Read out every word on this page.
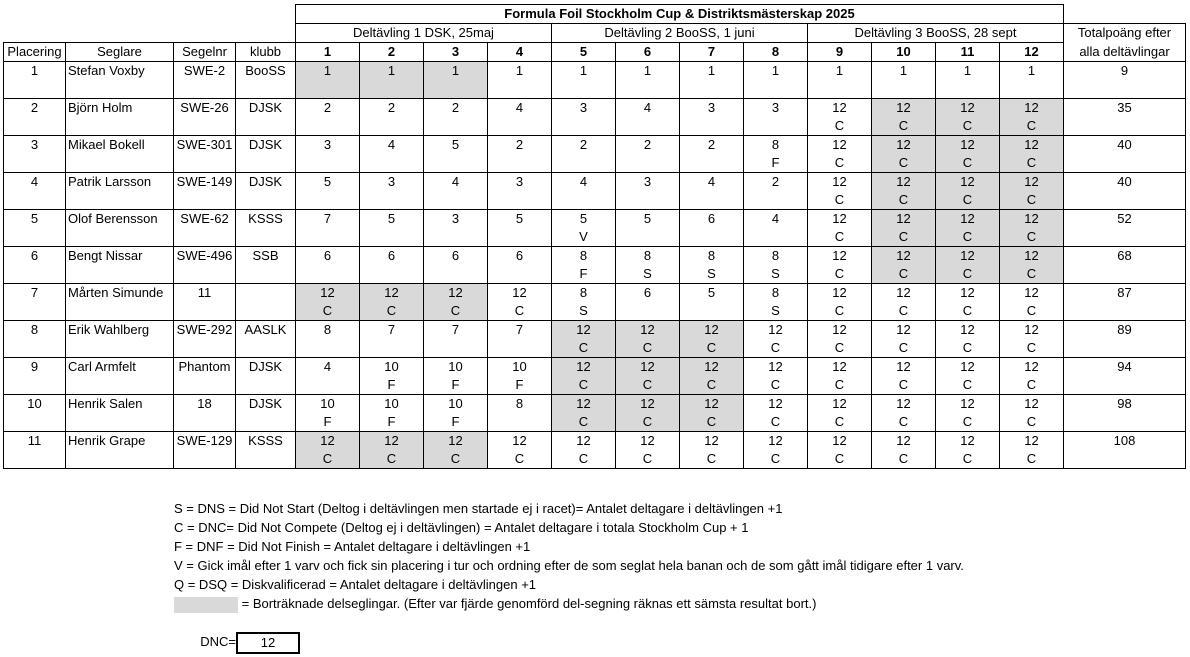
				Formula Foil Stockholm Cup & Distriktsmästerskap 2025												
				Deltävling 1 DSK, 25maj				Deltävling 2 BooSS, 1 juni				Deltävling 3 BooSS, 28 sept				Totalpoäng efter
Placering	Seglare	Segelnr	klubb	1	2	3	4	5	6	7	8	9	10	11	12	alla deltävlingar
1	Stefan Voxby	SWE-2	BooSS	1	1	1	1	1	1	1	1	1	1	1	1	9

2	Björn Holm	SWE-26	DJSK	2	2	2	4	3	4	3	3	12	12	12	12	35
												C	C	C	C	
3	Mikael Bokell	SWE-301	DJSK	3	4	5	2	2	2	2	8	12	12	12	12	40
											F	C	C	C	C	
4	Patrik Larsson	SWE-149	DJSK	5	3	4	3	4	3	4	2	12	12	12	12	40
												C	C	C	C	
5	Olof Berensson	SWE-62	KSSS	7	5	3	5	5	5	6	4	12	12	12	12	52
								V				C	C	C	C	
6	Bengt Nissar	SWE-496	SSB	6	6	6	6	8	8	8	8	12	12	12	12	68
								F	S	S	S	C	C	C	C	
7	Mårten Simunde	11		12	12	12	12	8	6	5	8	12	12	12	12	87
				C	C	C	C	S			S	C	C	C	C	
8	Erik Wahlberg	SWE-292	AASLK	8	7	7	7	12	12	12	12	12	12	12	12	89
								C	C	C	C	C	C	C	C	
9	Carl Armfelt	Phantom	DJSK	4	10	10	10	12	12	12	12	12	12	12	12	94
					F	F	F	C	C	C	C	C	C	C	C	
10	Henrik Salen	18	DJSK	10	10	10	8	12	12	12	12	12	12	12	12	98
				F	F	F		C	C	C	C	C	C	C	C	
11	Henrik Grape	SWE-129	KSSS	12	12	12	12	12	12	12	12	12	12	12	12	108
				C	C	C	C	C	C	C	C	C	C	C	C	
S = DNS = Did Not Start (Deltog i deltävlingen men startade ej i racet)= Antalet deltagare i deltävlingen +1
C = DNC= Did Not Compete (Deltog ej i deltävlingen) = Antalet deltagare i totala Stockholm Cup + 1
F = DNF = Did Not Finish = Antalet deltagare i deltävlingen +1
V = Gick imål efter 1 varv och fick sin placering i tur och ordning efter de som seglat hela banan och de som gått imål tidigare efter 1 varv.
Q = DSQ = Diskvalificerad = Antalet deltagare i deltävlingen +1
= Borträknade delseglingar. (Efter var fjärde genomförd del-segning räknas ett sämsta resultat bort.)
DNC=	12
